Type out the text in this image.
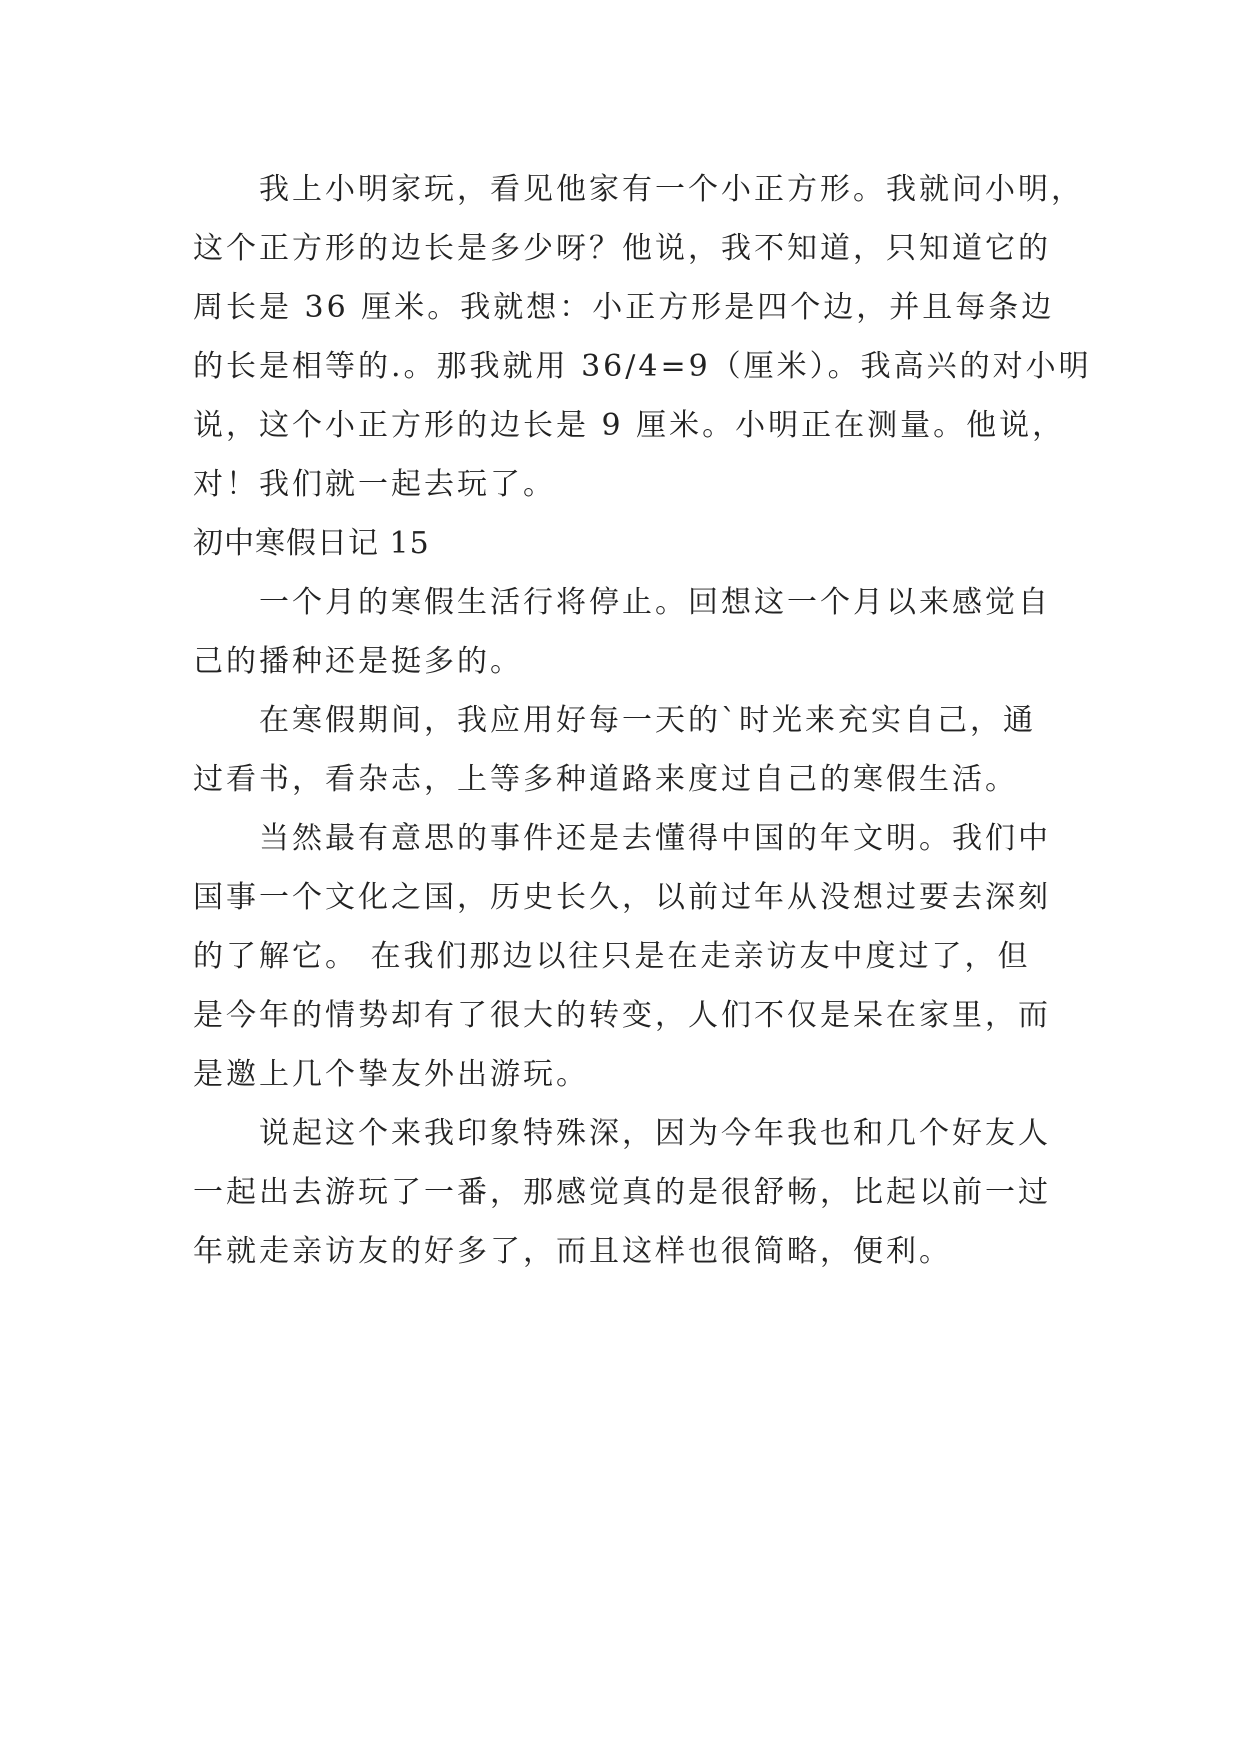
　　我上小明家玩，看见他家有一个小正方形。我就问小明，
这个正方形的边长是多少呀？他说，我不知道，只知道它的
周长是 36 厘米。我就想：小正方形是四个边，并且每条边
的长是相等的.。那我就用 36/4=9（厘米）。我高兴的对小明
说，这个小正方形的边长是 9 厘米。小明正在测量。他说，
对！我们就一起去玩了。
初中寒假日记 15
　　一个月的寒假生活行将停止。回想这一个月以来感觉自
己的播种还是挺多的。
　　在寒假期间，我应用好每一天的`时光来充实自己，通
过看书，看杂志，上等多种道路来度过自己的寒假生活。
　　当然最有意思的事件还是去懂得中国的年文明。我们中
国事一个文化之国，历史长久，以前过年从没想过要去深刻
的了解它。 在我们那边以往只是在走亲访友中度过了，但
是今年的情势却有了很大的转变，人们不仅是呆在家里，而
是邀上几个挚友外出游玩。
　　说起这个来我印象特殊深，因为今年我也和几个好友人
一起出去游玩了一番，那感觉真的是很舒畅，比起以前一过
年就走亲访友的好多了，而且这样也很简略，便利。
